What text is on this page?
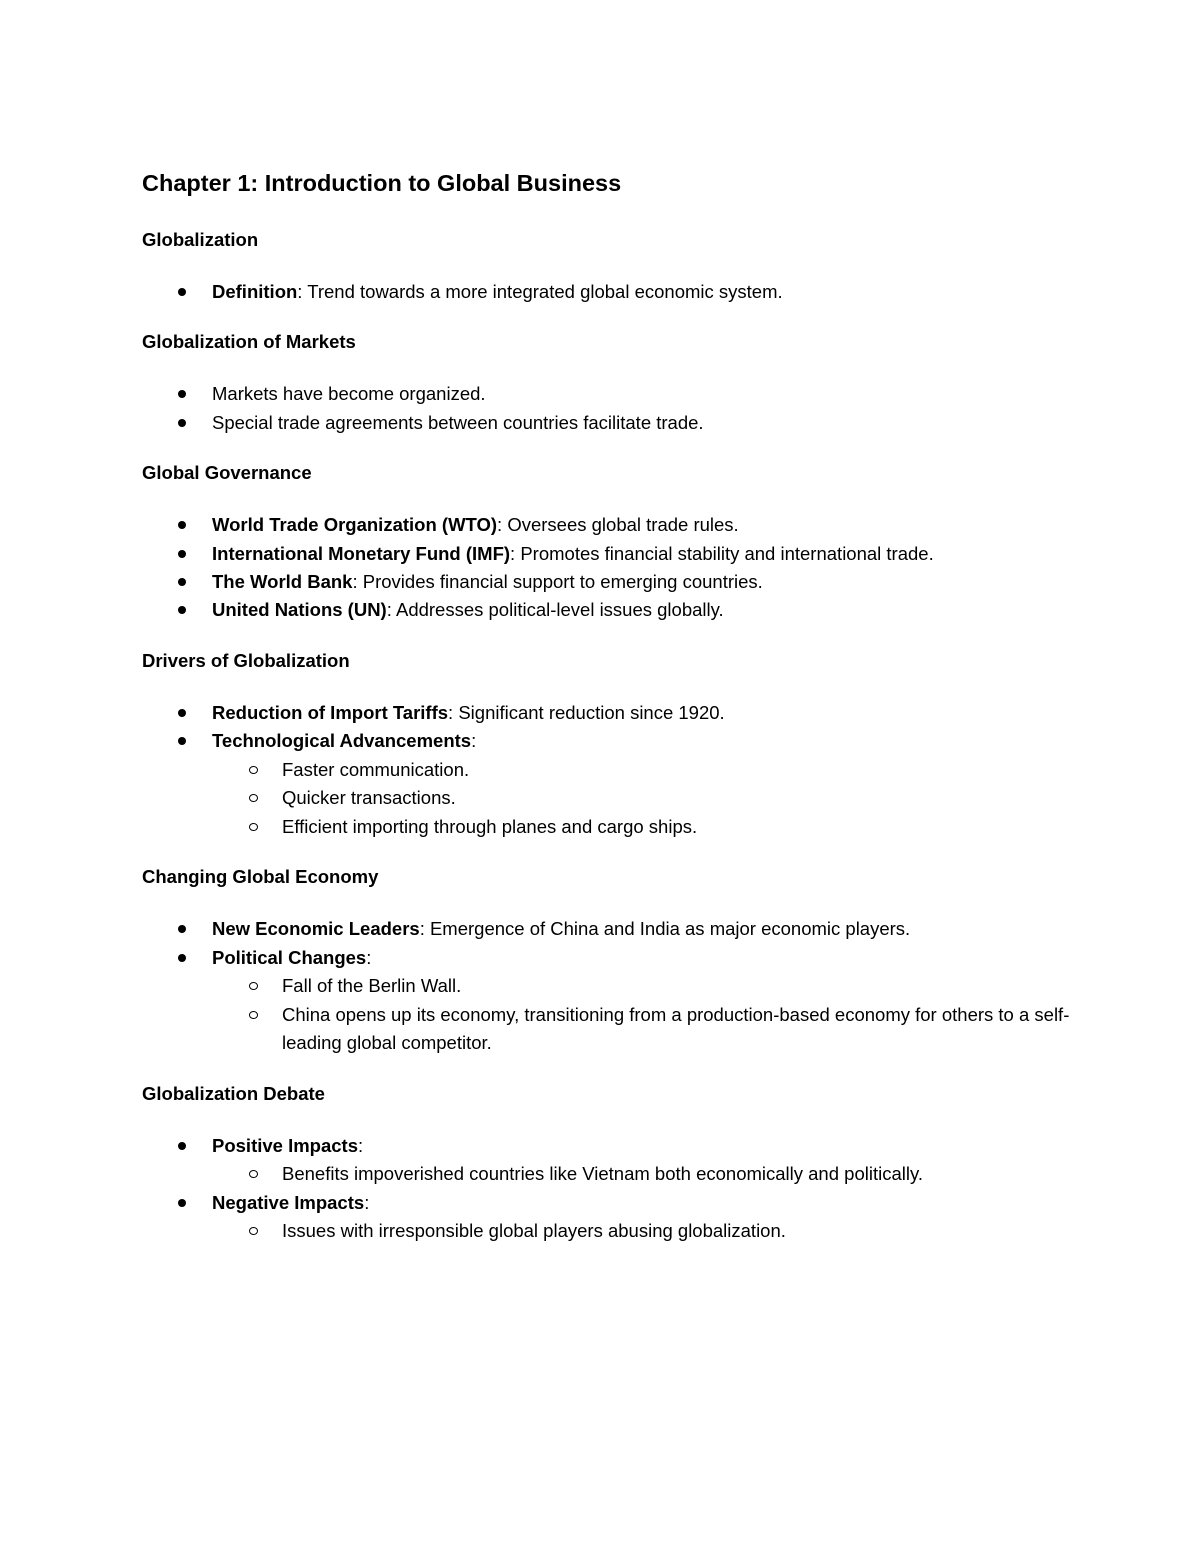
Chapter 1: Introduction to Global Business
Globalization
Definition: Trend towards a more integrated global economic system.
Globalization of Markets
Markets have become organized.
Special trade agreements between countries facilitate trade.
Global Governance
World Trade Organization (WTO): Oversees global trade rules.
International Monetary Fund (IMF): Promotes financial stability and international trade.
The World Bank: Provides financial support to emerging countries.
United Nations (UN): Addresses political-level issues globally.
Drivers of Globalization
Reduction of Import Tariffs: Significant reduction since 1920.
Technological Advancements:
Faster communication.
Quicker transactions.
Efficient importing through planes and cargo ships.
Changing Global Economy
New Economic Leaders: Emergence of China and India as major economic players.
Political Changes:
Fall of the Berlin Wall.
China opens up its economy, transitioning from a production-based economy for others to a self-leading global competitor.
Globalization Debate
Positive Impacts:
Benefits impoverished countries like Vietnam both economically and politically.
Negative Impacts:
Issues with irresponsible global players abusing globalization.
